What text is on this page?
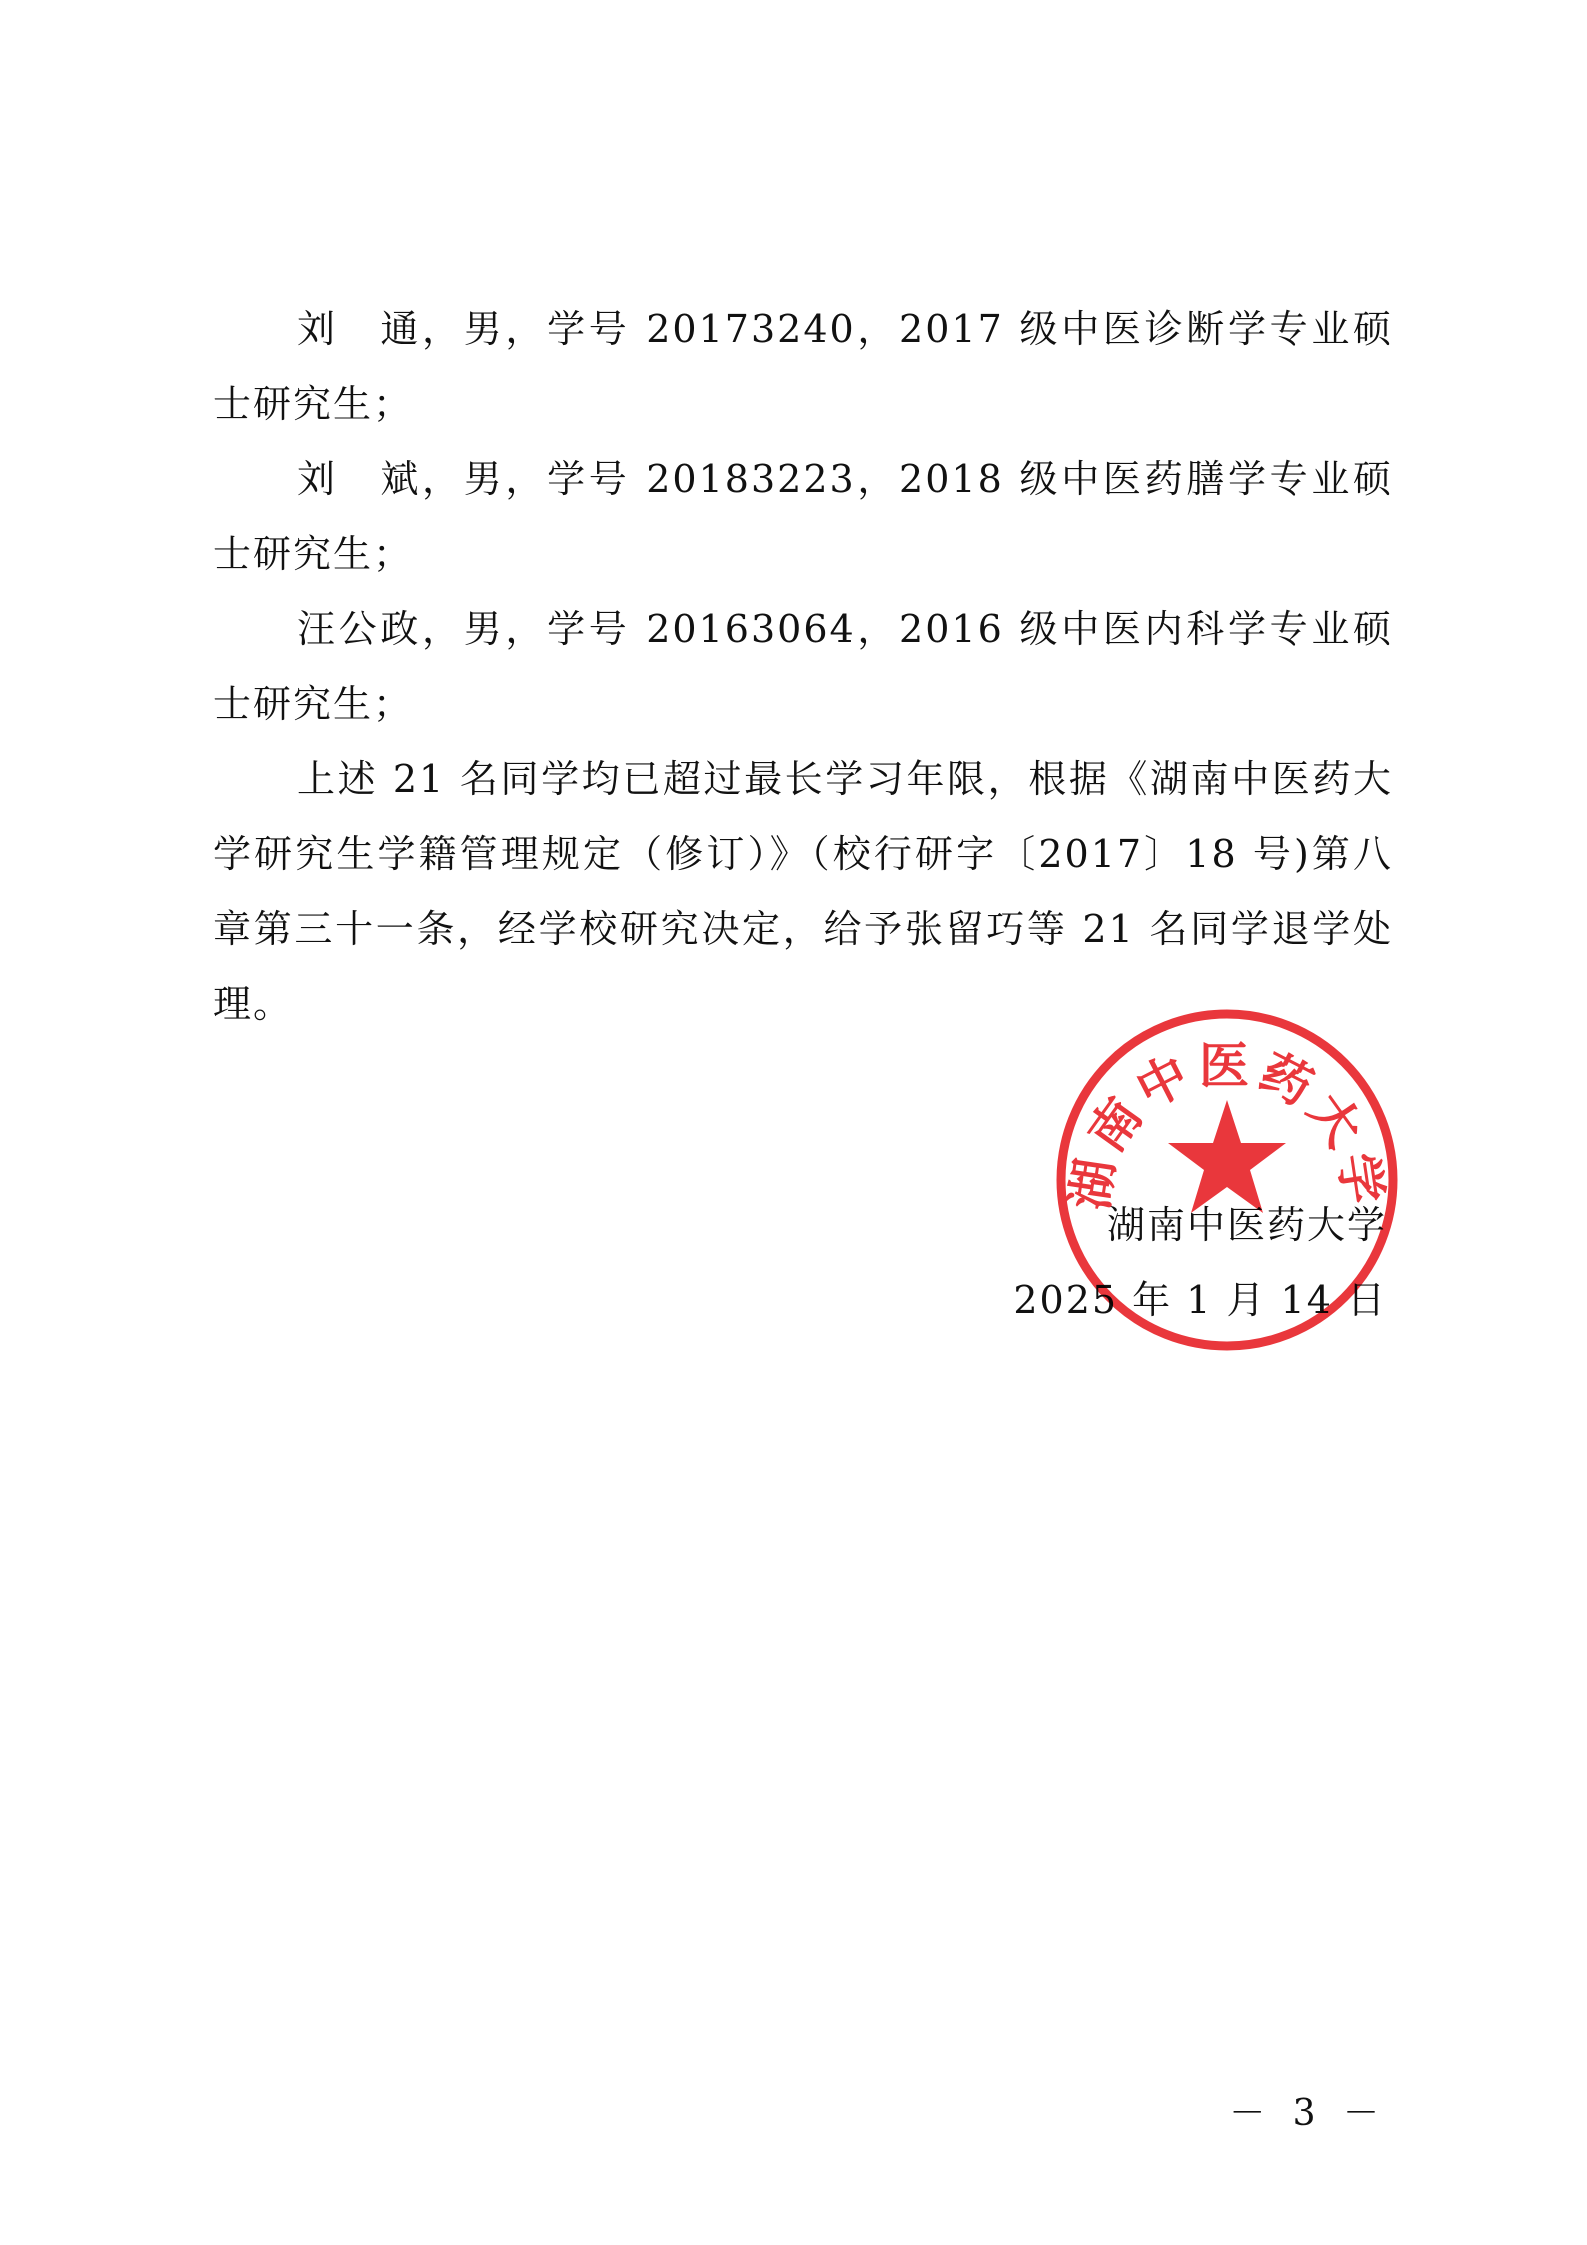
刘　通，男，学号 20173240，2017 级中医诊断学专业硕士研究生；

刘　斌，男，学号 20183223，2018 级中医药膳学专业硕士研究生；

汪公政，男，学号 20163064，2016 级中医内科学专业硕士研究生；

上述 21 名同学均已超过最长学习年限，根据《湖南中医药大学研究生学籍管理规定（修订）》（校行研字〔2017〕18 号)第八章第三十一条，经学校研究决定，给予张留巧等 21 名同学退学处理。

湖南中医药大学
2025 年 1 月 14 日
湖南中医药大学
－ 3 －
